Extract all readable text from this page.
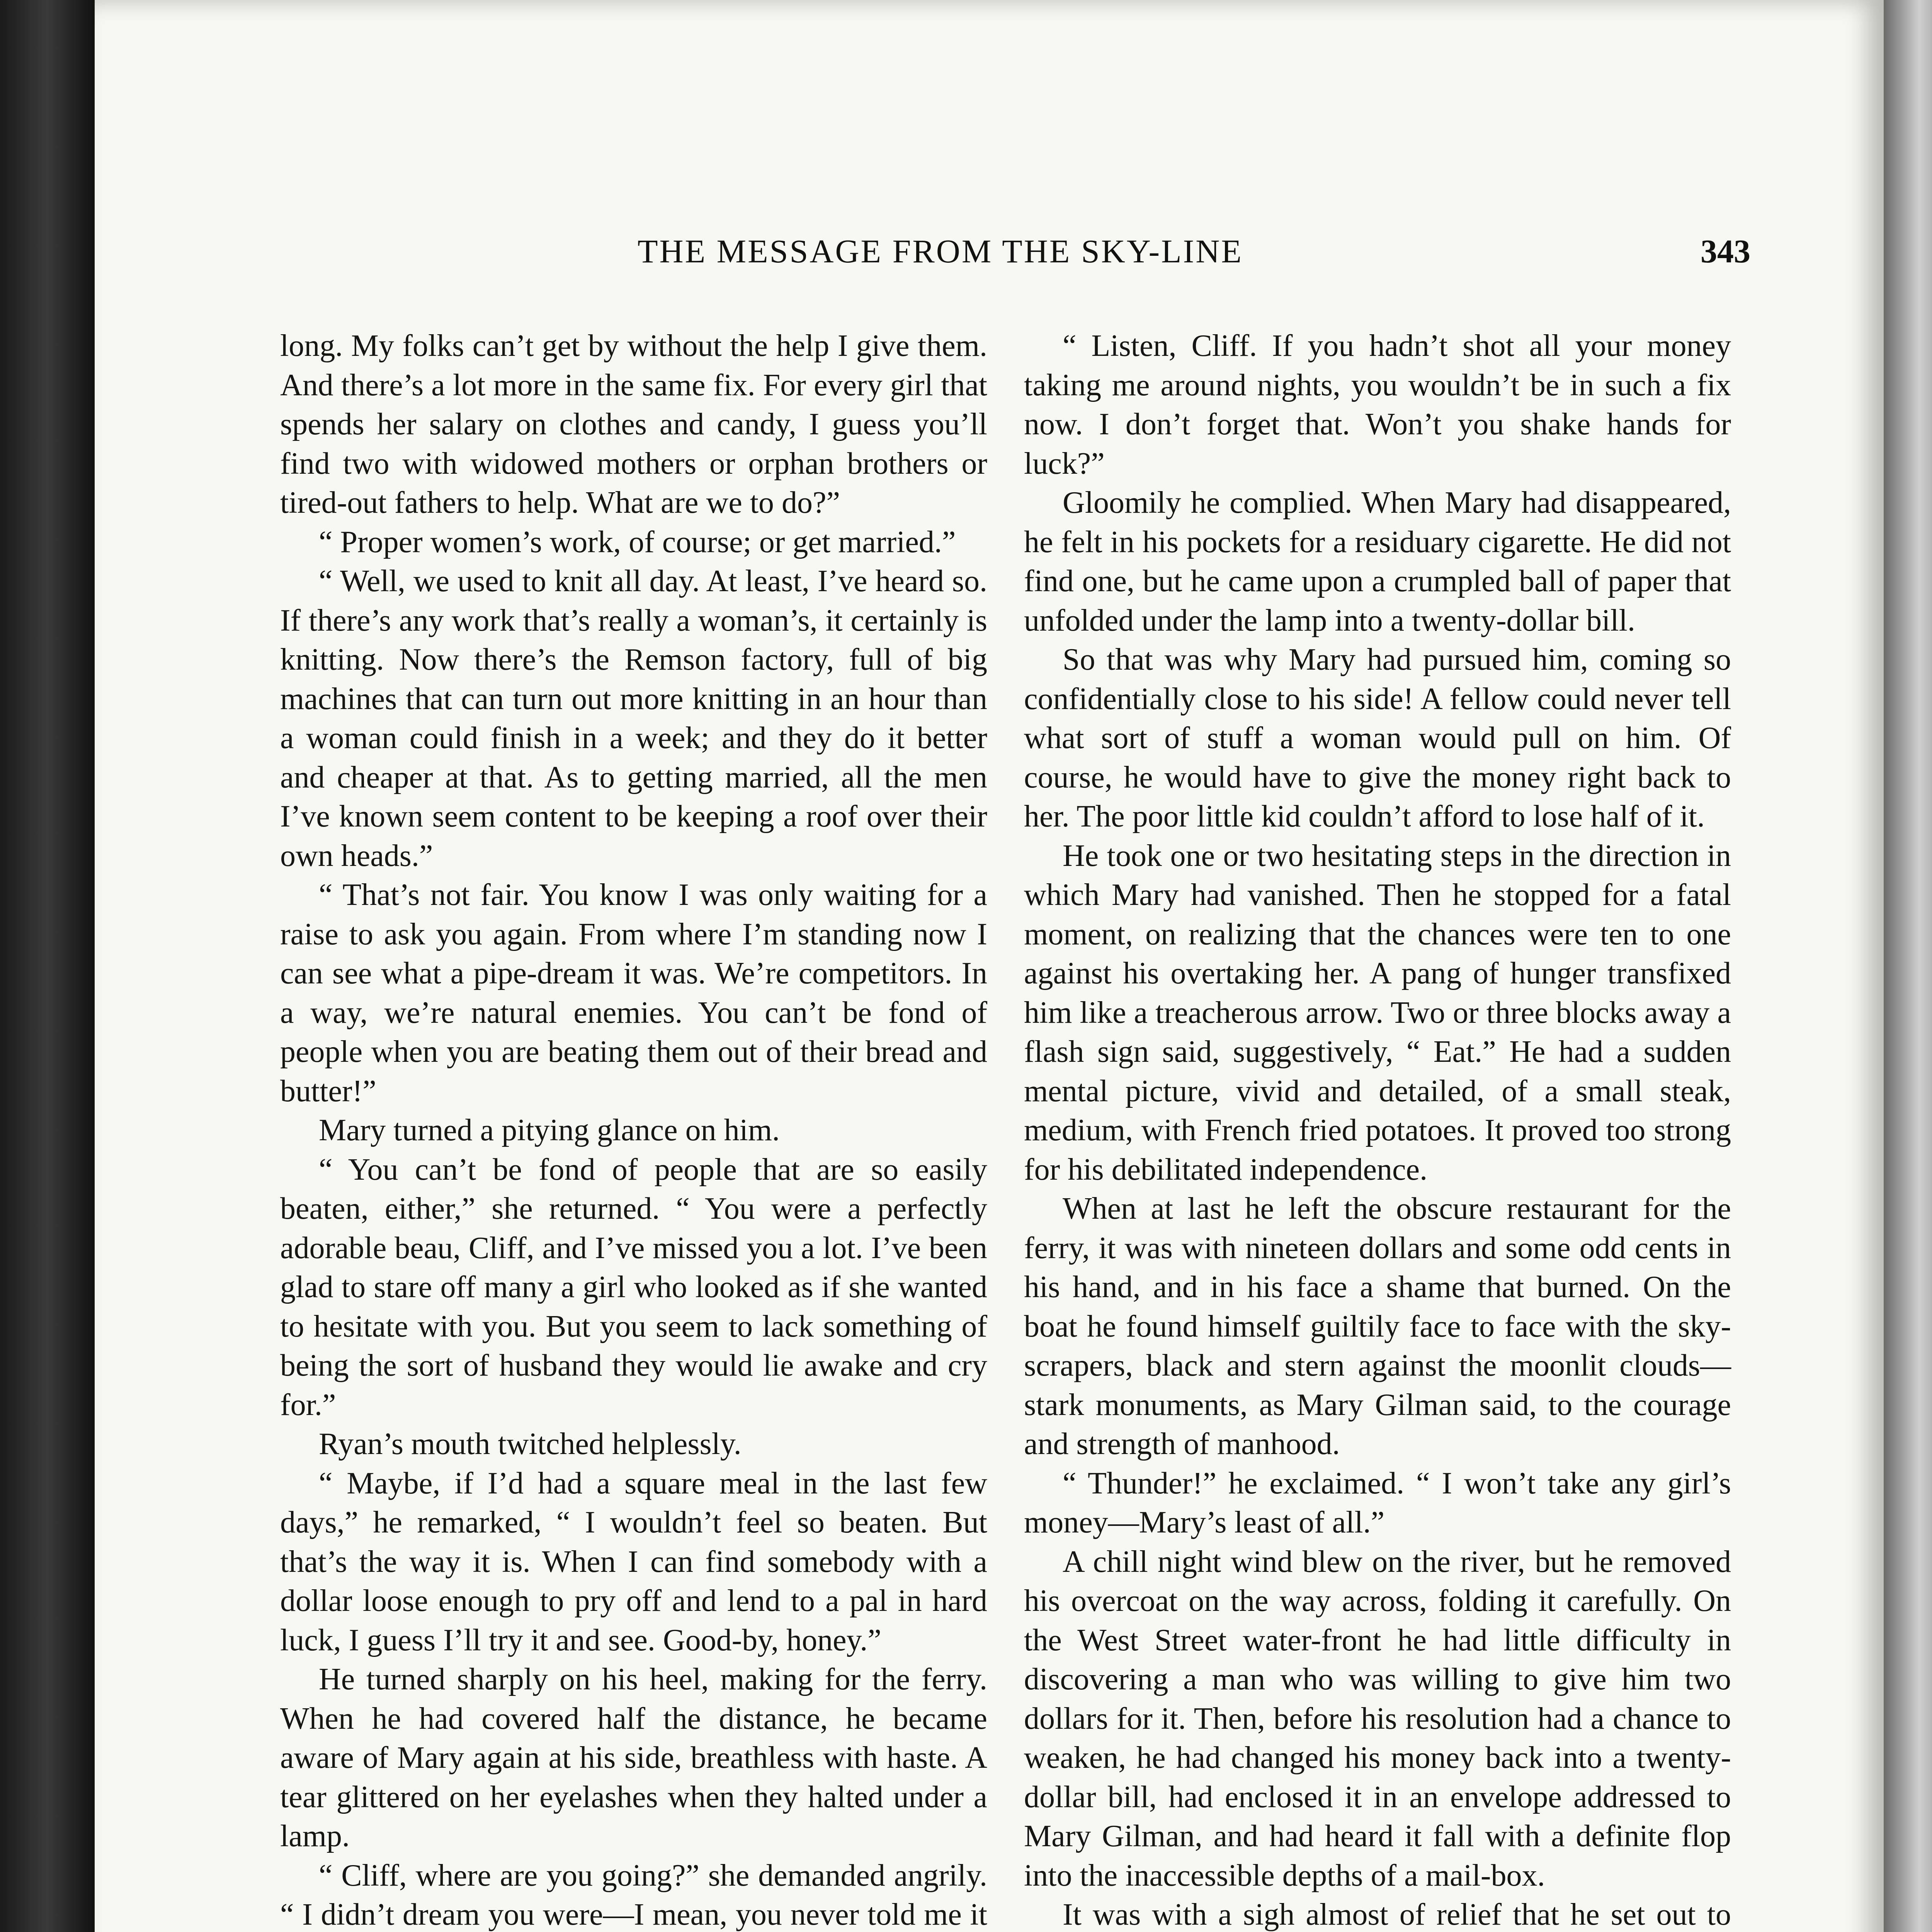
THE MESSAGE FROM THE SKY-LINE	343

long. My folks can’t get by without the help I give them. And there’s a lot more in the same fix. For every girl that spends her salary on clothes and candy, I guess you’ll find two with widowed mothers or orphan brothers or tired-out fathers to help. What are we to do?”

“ Proper women’s work, of course; or get married.”

“ Well, we used to knit all day. At least, I’ve heard so. If there’s any work that’s really a woman’s, it certainly is knitting. Now there’s the Remson factory, full of big machines that can turn out more knitting in an hour than a woman could finish in a week; and they do it better and cheaper at that. As to getting married, all the men I’ve known seem content to be keeping a roof over their own heads.”

“ That’s not fair. You know I was only waiting for a raise to ask you again. From where I’m standing now I can see what a pipe-dream it was. We’re competitors. In a way, we’re natural enemies. You can’t be fond of people when you are beating them out of their bread and butter!”

Mary turned a pitying glance on him.

“ You can’t be fond of people that are so easily beaten, either,” she returned. “ You were a perfectly adorable beau, Cliff, and I’ve missed you a lot. I’ve been glad to stare off many a girl who looked as if she wanted to hesitate with you. But you seem to lack something of being the sort of husband they would lie awake and cry for.”

Ryan’s mouth twitched helplessly.

“ Maybe, if I’d had a square meal in the last few days,” he remarked, “ I wouldn’t feel so beaten. But that’s the way it is. When I can find somebody with a dollar loose enough to pry off and lend to a pal in hard luck, I guess I’ll try it and see. Good-by, honey.”

He turned sharply on his heel, making for the ferry. When he had covered half the distance, he became aware of Mary again at his side, breathless with haste. A tear glittered on her eyelashes when they halted under a lamp.

“ Cliff, where are you going?” she demanded angrily. “ I didn’t dream you were—I mean, you never told me it

“ Listen, Cliff. If you hadn’t shot all your money taking me around nights, you wouldn’t be in such a fix now. I don’t forget that. Won’t you shake hands for luck?”

Gloomily he complied. When Mary had disappeared, he felt in his pockets for a residuary cigarette. He did not find one, but he came upon a crumpled ball of paper that unfolded under the lamp into a twenty-dollar bill.

So that was why Mary had pursued him, coming so confidentially close to his side! A fellow could never tell what sort of stuff a woman would pull on him. Of course, he would have to give the money right back to her. The poor little kid couldn’t afford to lose half of it.

He took one or two hesitating steps in the direction in which Mary had vanished. Then he stopped for a fatal moment, on realizing that the chances were ten to one against his overtaking her. A pang of hunger transfixed him like a treacherous arrow. Two or three blocks away a flash sign said, suggestively, “ Eat.” He had a sudden mental picture, vivid and detailed, of a small steak, medium, with French fried potatoes. It proved too strong for his debilitated independence.

When at last he left the obscure restaurant for the ferry, it was with nineteen dollars and some odd cents in his hand, and in his face a shame that burned. On the boat he found himself guiltily face to face with the sky-scrapers, black and stern against the moonlit clouds—stark monuments, as Mary Gilman said, to the courage and strength of manhood.

“ Thunder!” he exclaimed. “ I won’t take any girl’s money—Mary’s least of all.”

A chill night wind blew on the river, but he removed his overcoat on the way across, folding it carefully. On the West Street water-front he had little difficulty in discovering a man who was willing to give him two dollars for it. Then, before his resolution had a chance to weaken, he had changed his money back into a twenty-dollar bill, had enclosed it in an envelope addressed to Mary Gilman, and had heard it fall with a definite flop into the inaccessible depths of a mail-box.

It was with a sigh almost of relief that he set out to
